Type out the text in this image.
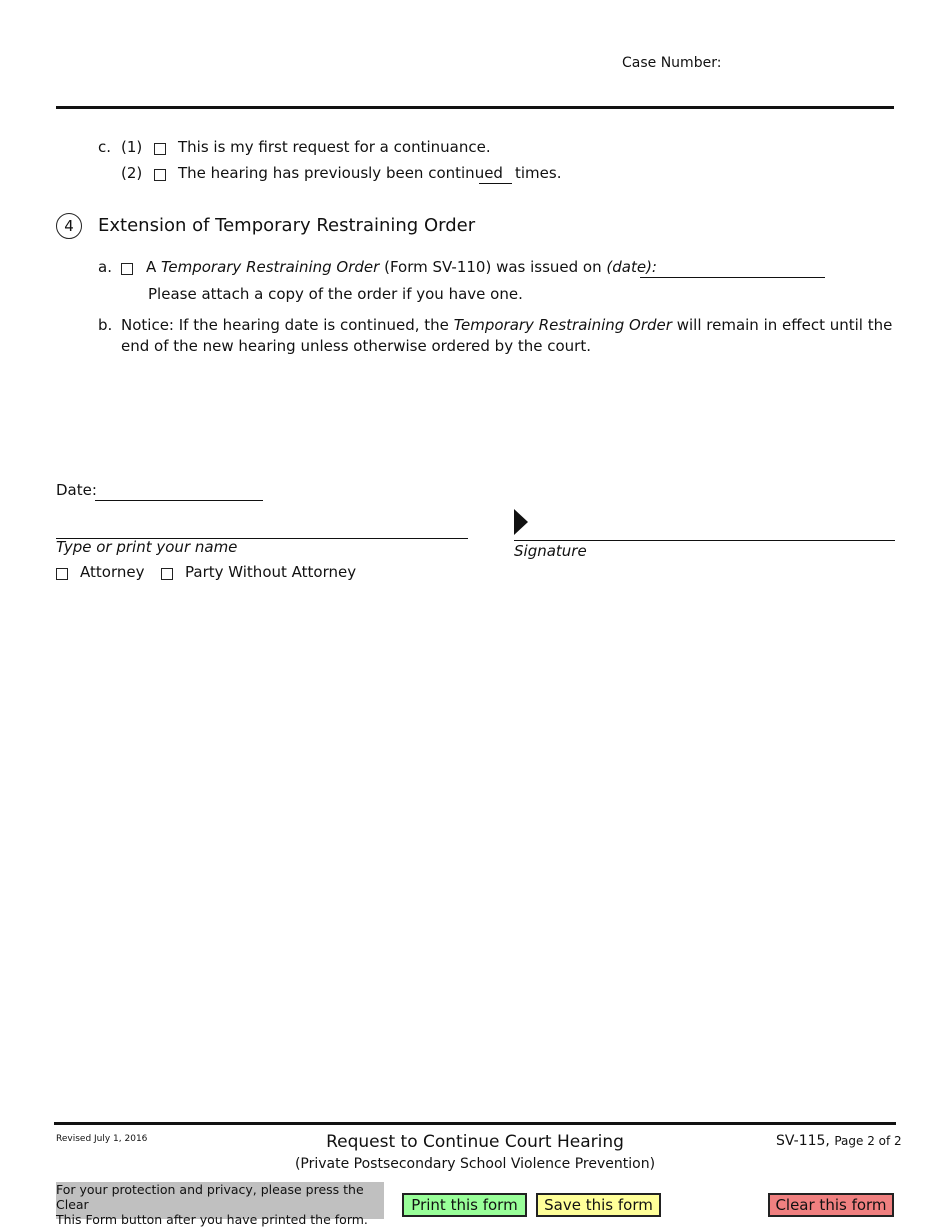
Case Number:
c. (1) This is my first request for a continuance.
(2) The hearing has previously been continued times.
4	Extension of Temporary Restraining Order
a. A Temporary Restraining Order (Form SV-110) was issued on (date):
Please attach a copy of the order if you have one.
b. Notice: If the hearing date is continued, the Temporary Restraining Order will remain in effect until the
end of the new hearing unless otherwise ordered by the court.
Date:
Type or print your name	Signature
Attorney	Party Without Attorney
Revised July 1, 2016	Request to Continue Court Hearing
(Private Postsecondary School Violence Prevention)
SV-115, Page 2 of 2
For your protection and privacy, please press the Clear
This Form button after you have printed the form.
Print this form	Save this form	Clear this form
